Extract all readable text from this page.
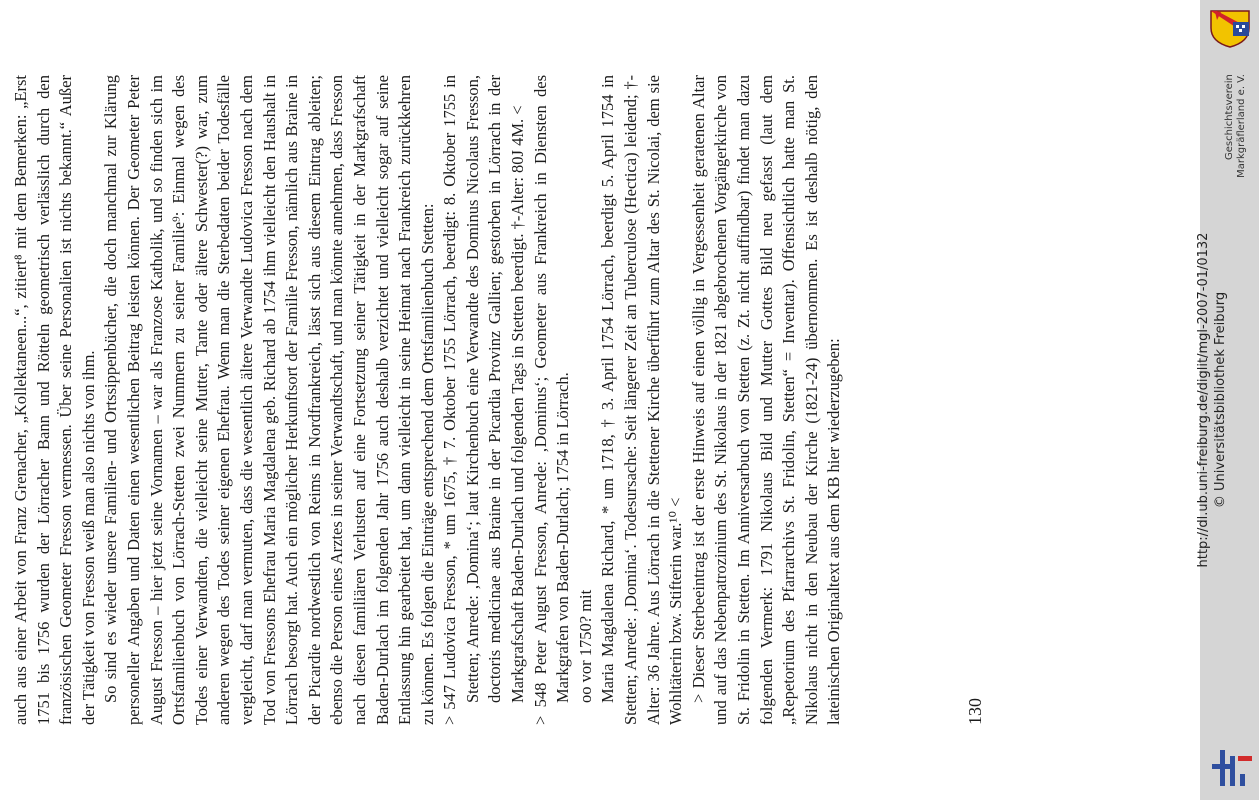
auch aus einer Arbeit von Franz Grenacher, „Kollektaneen...“, zitiert⁸ mit dem Bemerken: „Erst 1751 bis 1756 wurden der Lörracher Bann und Rötteln geometrisch verlässlich durch den französischen Geometer Fresson vermessen. Über seine Personalien ist nichts bekannt.“ Außer der Tätigkeit von Fresson weiß man also nichts von ihm. So sind es wieder unsere Familien- und Ortssippenbücher, die doch manchmal zur Klärung personeller Angaben und Daten einen wesentlichen Beitrag leisten können. Der Geometer Peter August Fresson – hier jetzt seine Vornamen – war als Franzose Katholik, und so finden sich im Ortsfamilienbuch von Lörrach-Stetten zwei Nummern zu seiner Familie⁹: Einmal wegen des Todes einer Verwandten, die vielleicht seine Mutter, Tante oder ältere Schwester(?) war, zum anderen wegen des Todes seiner eigenen Ehefrau. Wenn man die Sterbedaten beider Todesfälle vergleicht, darf man vermuten, dass die wesentlich ältere Verwandte Ludovica Fresson nach dem Tod von Fressons Ehefrau Maria Magdalena geb. Richard ab 1754 ihm vielleicht den Haushalt in Lörrach besorgt hat. Auch ein möglicher Herkunftsort der Familie Fresson, nämlich aus Braine in der Picardie nordwestlich von Reims in Nordfrankreich, lässt sich aus diesem Eintrag ableiten; ebenso die Person eines Arztes in seiner Verwandtschaft, und man könnte annehmen, dass Fresson nach diesen familiären Verlusten auf eine Fortsetzung seiner Tätigkeit in der Markgrafschaft Baden-Durlach im folgenden Jahr 1756 auch deshalb verzichtet und vielleicht sogar auf seine Entlassung hin gearbeitet hat, um dann vielleicht in seine Heimat nach Frankreich zurückkehren zu können. Es folgen die Einträge entsprechend dem Ortsfamilienbuch Stetten: > 547 Ludovica Fresson, * um 1675, † 7. Oktober 1755 Lörrach, beerdigt: 8. Oktober 1755 in Stetten; Anrede: ‚Domina‘; laut Kirchenbuch eine Verwandte des Dominus Nicolaus Fresson, doctoris medicinae aus Braine in der Picardia Provinz Gallien; gestorben in Lörrach in der Markgrafschaft Baden-Durlach und folgenden Tags in Stetten beerdigt. †-Alter: 80J 4M. < > 548 Peter August Fresson, Anrede: ‚Dominus‘; Geometer aus Frankreich in Diensten des Markgrafen von Baden-Durlach; 1754 in Lörrach. oo vor 1750? mit Maria Magdalena Richard, * um 1718, † 3. April 1754 Lörrach, beerdigt 5. April 1754 in Stetten; Anrede: ‚Domina‘. Todesursache: Seit längerer Zeit an Tuberculose (Hectica) leidend; †-Alter: 36 Jahre. Aus Lörrach in die Stettener Kirche überführt zum Altar des St. Nicolai, dem sie Wohltäterin bzw. Stifterin war.¹⁰ < > Dieser Sterbeeintrag ist der erste Hinweis auf einen völlig in Vergessenheit geratenen Altar und auf das Nebenpatrozinium des St. Nikolaus in der 1821 abgebrochenen Vorgängerkirche von St. Fridolin in Stetten. Im Anniversarbuch von Stetten (z. Zt. nicht auffindbar) findet man dazu folgenden Vermerk: 1791 Nikolaus Bild und Mutter Gottes Bild neu gefasst (laut dem „Repetorium des Pfarrarchivs St. Fridolin, Stetten“ = Inventar). Offensichtlich hatte man St. Nikolaus nicht in den Neubau der Kirche (1821-24) übernommen. Es ist deshalb nötig, den lateinischen Originaltext aus dem KB hier wiederzugeben:	130
Geschichtsverein Markgräflerland e. V.
http://dl.ub.uni-freiburg.de/diglit/mgl-2007-01/0132 © Universitätsbibliothek Freiburg
